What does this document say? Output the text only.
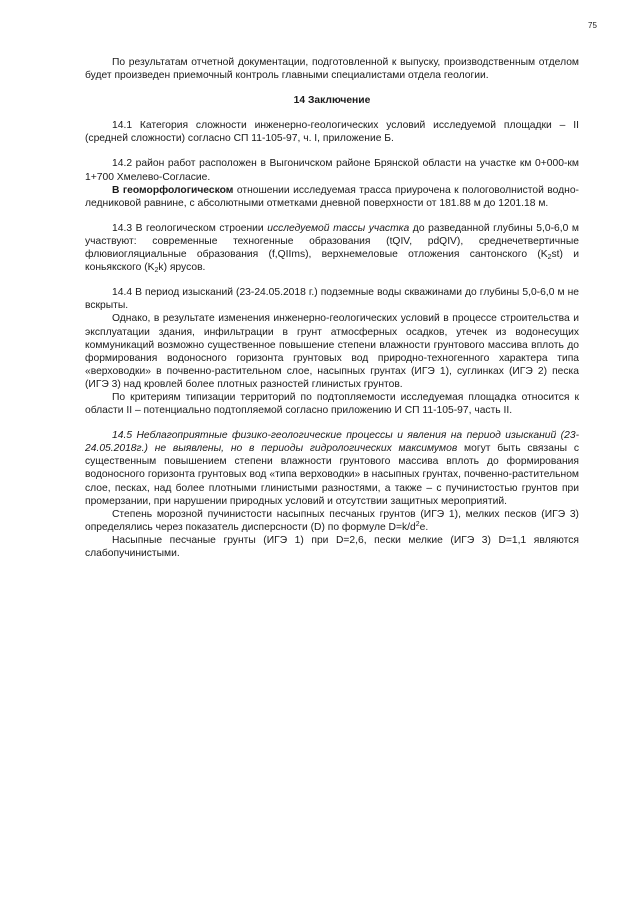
75

По результатам отчетной документации, подготовленной к выпуску, производственным отделом будет произведен приемочный контроль главными специалистами отдела геологии.

14 Заключение

14.1 Категория сложности инженерно-геологических условий исследуемой площадки – II (средней сложности) согласно СП 11-105-97, ч. I, приложение Б.

14.2 район работ расположен в Выгоничском районе Брянской области на участке км 0+000-км 1+700 Хмелево-Согласие.

В геоморфологическом отношении исследуемая трасса приурочена к пологоволнистой водно-ледниковой равнине, с абсолютными отметками дневной поверхности от 181.88 м до 1201.18 м.

14.3 В геологическом строении исследуемой тассы участка до разведанной глубины 5,0-6,0 м участвуют: современные техногенные образования (tQIV, pdQIV), среднечетвертичные флювиогляциальные образования (f,QIIms), верхнемеловые отложения сантонского $(K_2st)$ и коньякского $(K_2k)$ ярусов.

14.4 В период изысканий (23-24.05.2018 г.) подземные воды скважинами до глубины 5,0-6,0 м не вскрыты.

Однако, в результате изменения инженерно-геологических условий в процессе строительства и эксплуатации здания, инфильтрации в грунт атмосферных осадков, утечек из водонесущих коммуникаций возможно существенное повышение степени влажности грунтового массива вплоть до формирования водоносного горизонта грунтовых вод природно-техногенного характера типа «верховодки» в почвенно-растительном слое, насыпных грунтах (ИГЭ 1), суглинках (ИГЭ 2) песка (ИГЭ 3) над кровлей более плотных разностей глинистых грунтов.

По критериям типизации территорий по подтопляемости исследуемая площадка относится к области II – потенциально подтопляемой согласно приложению И СП 11-105-97, часть II.

14.5 Неблагоприятные физико-геологические процессы и явления на период изысканий (23-24.05.2018г.) не выявлены, но в периоды гидрологических максимумов могут быть связаны с существенным повышением степени влажности грунтового массива вплоть до формирования водоносного горизонта грунтовых вод «типа верховодки» в насыпных грунтах, почвенно-растительном слое, песках, над более плотными глинистыми разностями, а также – с пучинистостью грунтов при промерзании, при нарушении природных условий и отсутствии защитных мероприятий.

Степень морозной пучинистости насыпных песчаных грунтов (ИГЭ 1), мелких песков (ИГЭ 3) определялись через показатель дисперсности (D) по формуле $D=k/d^2e$.

Насыпные песчаные грунты (ИГЭ 1) при D=2,6, пески мелкие (ИГЭ 3) D=1,1 являются слабопучинистыми.
